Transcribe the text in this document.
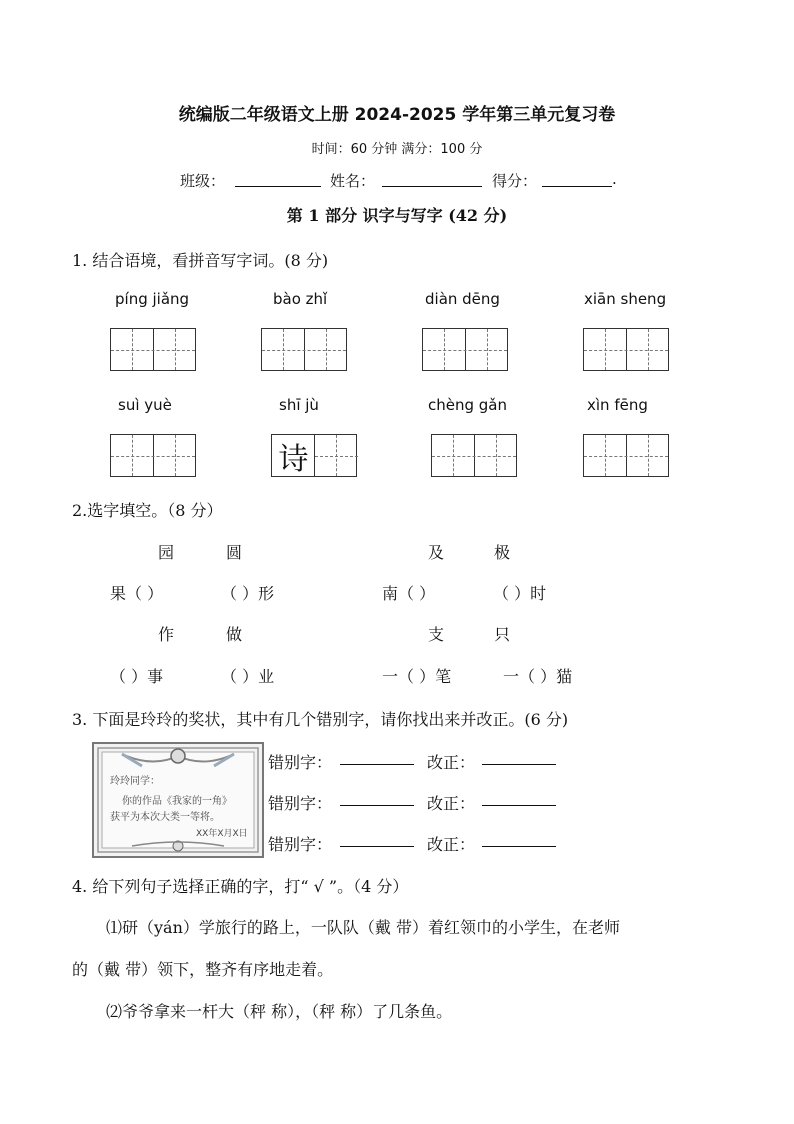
统编版二年级语文上册 2024-2025 学年第三单元复习卷
时间：60 分钟 满分：100 分
班级：	姓名：	得分：	.
第 1 部分 识字与写字 (42 分)
1. 结合语境，看拼音写字词。(8 分)
píng jiǎng	bào zhǐ	diàn dēng	xiān sheng
suì yuè	shī jù	chèng gǎn	xìn fēng
诗
2.选字填空。（8 分）
园	圆	及	极
果（ ）	（ ）形	南（ ）	（ ）时
作	做	支	只
（ ）事	（ ）业	一（ ）笔	一（ ）猫
3. 下面是玲玲的奖状，其中有几个错别字，请你找出来并改正。(6 分)
玲玲同学：
你的作品《我家的一角》
获平为本次大类一等将。
XX年X月X日
错别字：	改正：
错别字：	改正：
错别字：	改正：
4. 给下列句子选择正确的字，打“ √ ”。（4 分）
⑴研（yán）学旅行的路上，一队队（戴 带）着红领巾的小学生，在老师
的（戴 带）领下，整齐有序地走着。
⑵爷爷拿来一杆大（秤 称），（秤 称）了几条鱼。
